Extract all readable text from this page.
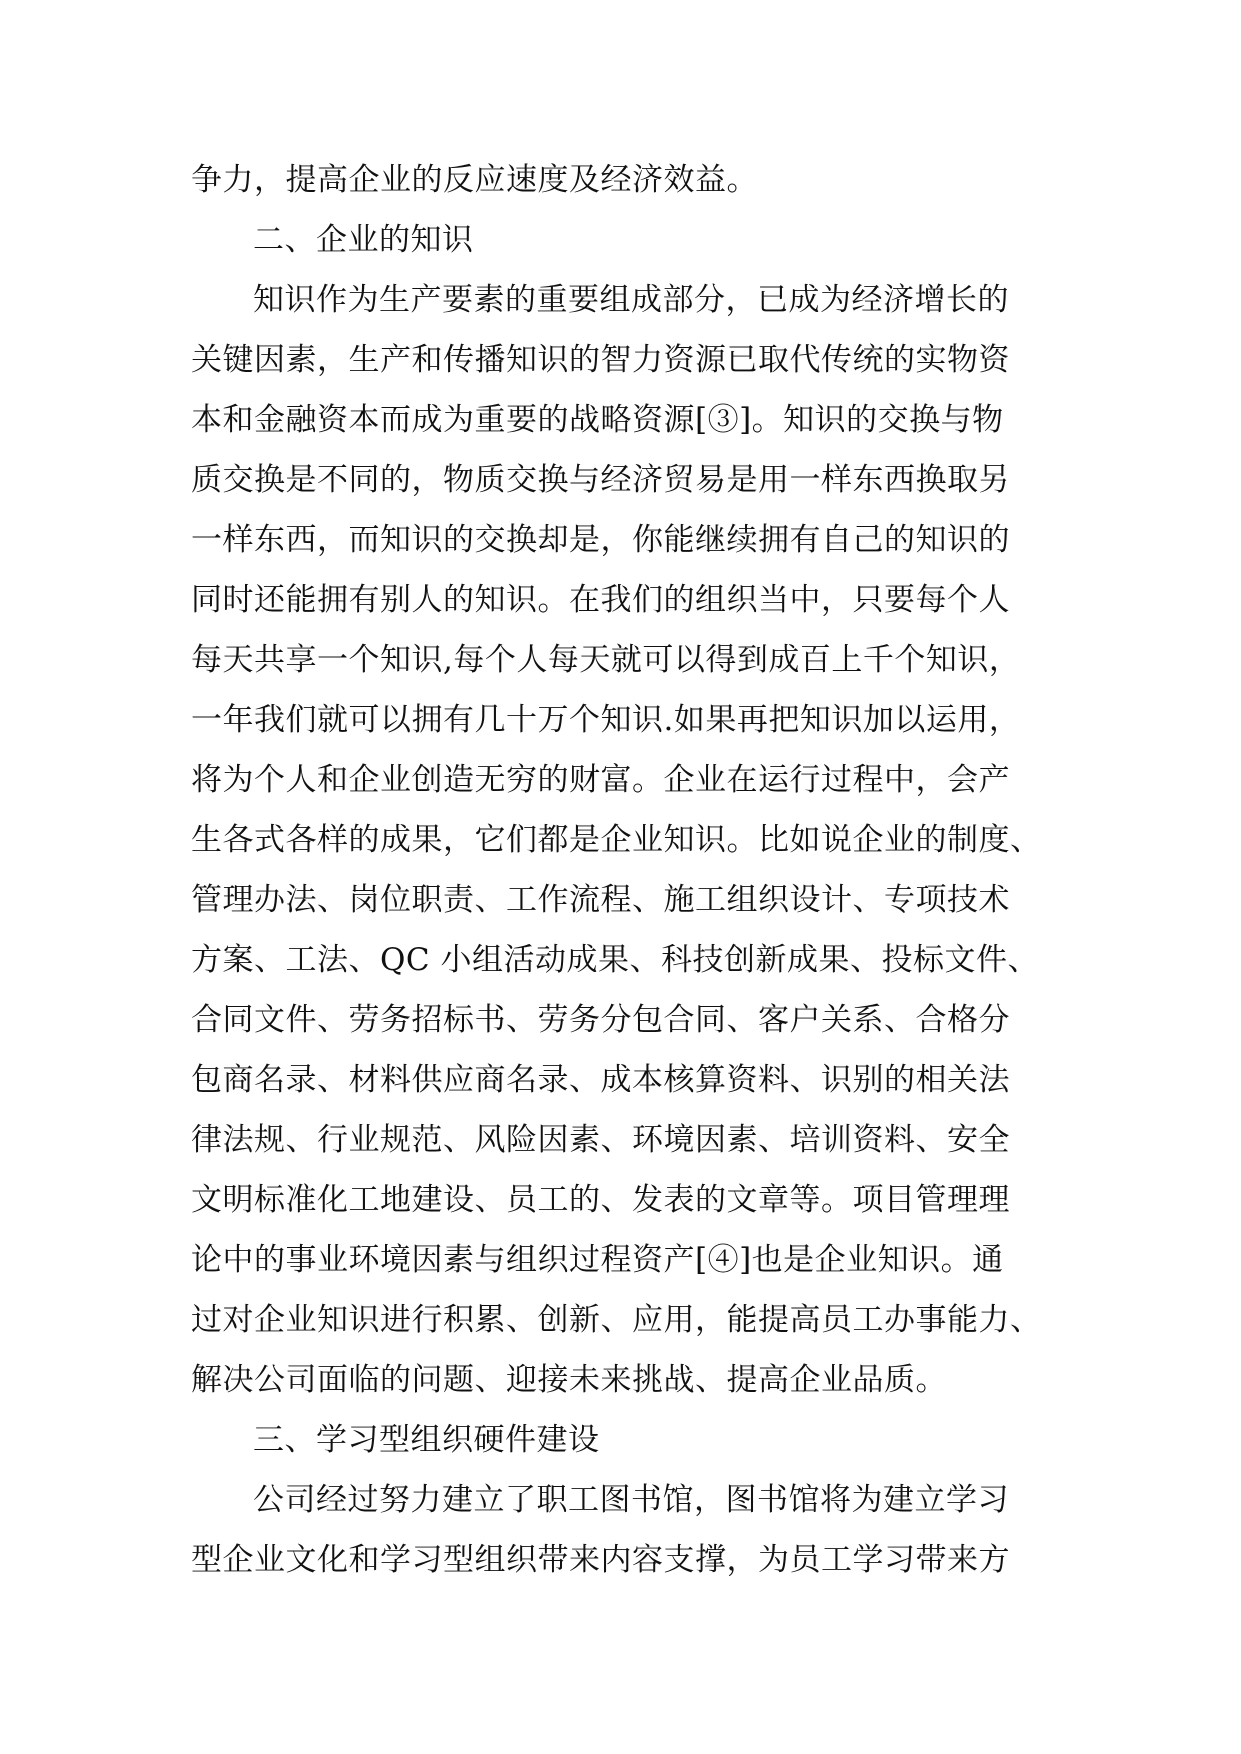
争力，提高企业的反应速度及经济效益。
二、企业的知识
知识作为生产要素的重要组成部分，已成为经济增长的
关键因素，生产和传播知识的智力资源已取代传统的实物资
本和金融资本而成为重要的战略资源[③]。知识的交换与物
质交换是不同的，物质交换与经济贸易是用一样东西换取另
一样东西，而知识的交换却是，你能继续拥有自己的知识的
同时还能拥有别人的知识。在我们的组织当中，只要每个人
每天共享一个知识,每个人每天就可以得到成百上千个知识，
一年我们就可以拥有几十万个知识.如果再把知识加以运用，
将为个人和企业创造无穷的财富。企业在运行过程中，会产
生各式各样的成果，它们都是企业知识。比如说企业的制度、
管理办法、岗位职责、工作流程、施工组织设计、专项技术
方案、工法、QC 小组活动成果、科技创新成果、投标文件、
合同文件、劳务招标书、劳务分包合同、客户关系、合格分
包商名录、材料供应商名录、成本核算资料、识别的相关法
律法规、行业规范、风险因素、环境因素、培训资料、安全
文明标准化工地建设、员工的、发表的文章等。项目管理理
论中的事业环境因素与组织过程资产[④]也是企业知识。通
过对企业知识进行积累、创新、应用，能提高员工办事能力、
解决公司面临的问题、迎接未来挑战、提高企业品质。
三、学习型组织硬件建设
公司经过努力建立了职工图书馆，图书馆将为建立学习
型企业文化和学习型组织带来内容支撑，为员工学习带来方
